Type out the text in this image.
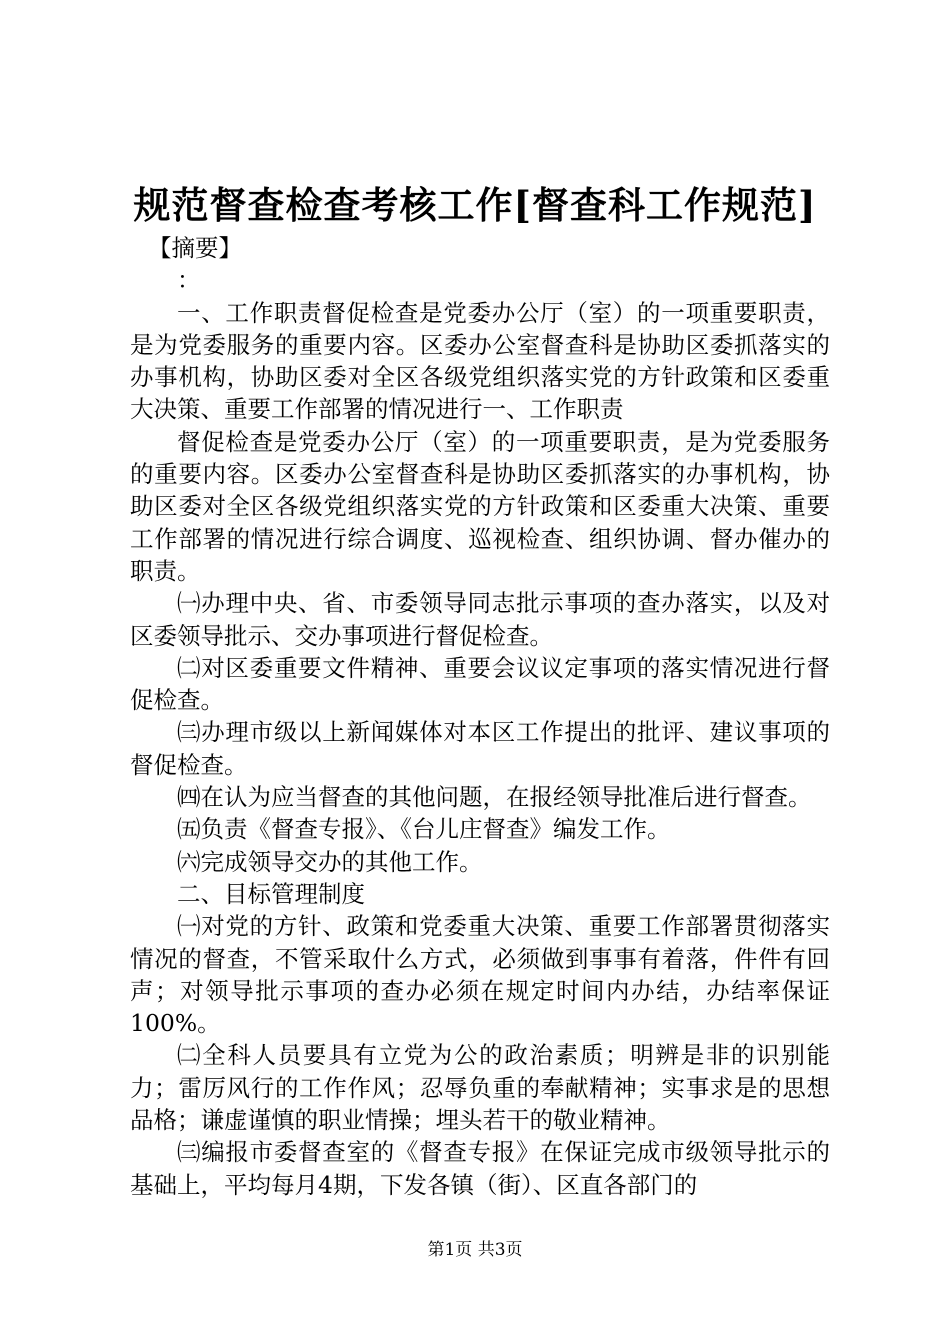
规范督查检查考核工作[督查科工作规范]

【摘要】

：

一、工作职责督促检查是党委办公厅（室）的一项重要职责，是为党委服务的重要内容。区委办公室督查科是协助区委抓落实的办事机构，协助区委对全区各级党组织落实党的方针政策和区委重大决策、重要工作部署的情况进行一、工作职责

督促检查是党委办公厅（室）的一项重要职责，是为党委服务的重要内容。区委办公室督查科是协助区委抓落实的办事机构，协助区委对全区各级党组织落实党的方针政策和区委重大决策、重要工作部署的情况进行综合调度、巡视检查、组织协调、督办催办的职责。

㈠办理中央、省、市委领导同志批示事项的查办落实，以及对区委领导批示、交办事项进行督促检查。

㈡对区委重要文件精神、重要会议议定事项的落实情况进行督促检查。

㈢办理市级以上新闻媒体对本区工作提出的批评、建议事项的督促检查。

㈣在认为应当督查的其他问题，在报经领导批准后进行督查。

㈤负责《督查专报》、《台儿庄督查》编发工作。

㈥完成领导交办的其他工作。

二、目标管理制度

㈠对党的方针、政策和党委重大决策、重要工作部署贯彻落实情况的督查，不管采取什么方式，必须做到事事有着落，件件有回声；对领导批示事项的查办必须在规定时间内办结，办结率保证100%。

㈡全科人员要具有立党为公的政治素质；明辨是非的识别能力；雷厉风行的工作作风；忍辱负重的奉献精神；实事求是的思想品格；谦虚谨慎的职业情操；埋头若干的敬业精神。

㈢编报市委督查室的《督查专报》在保证完成市级领导批示的基础上，平均每月4期，下发各镇（街）、区直各部门的

第1页 共3页
